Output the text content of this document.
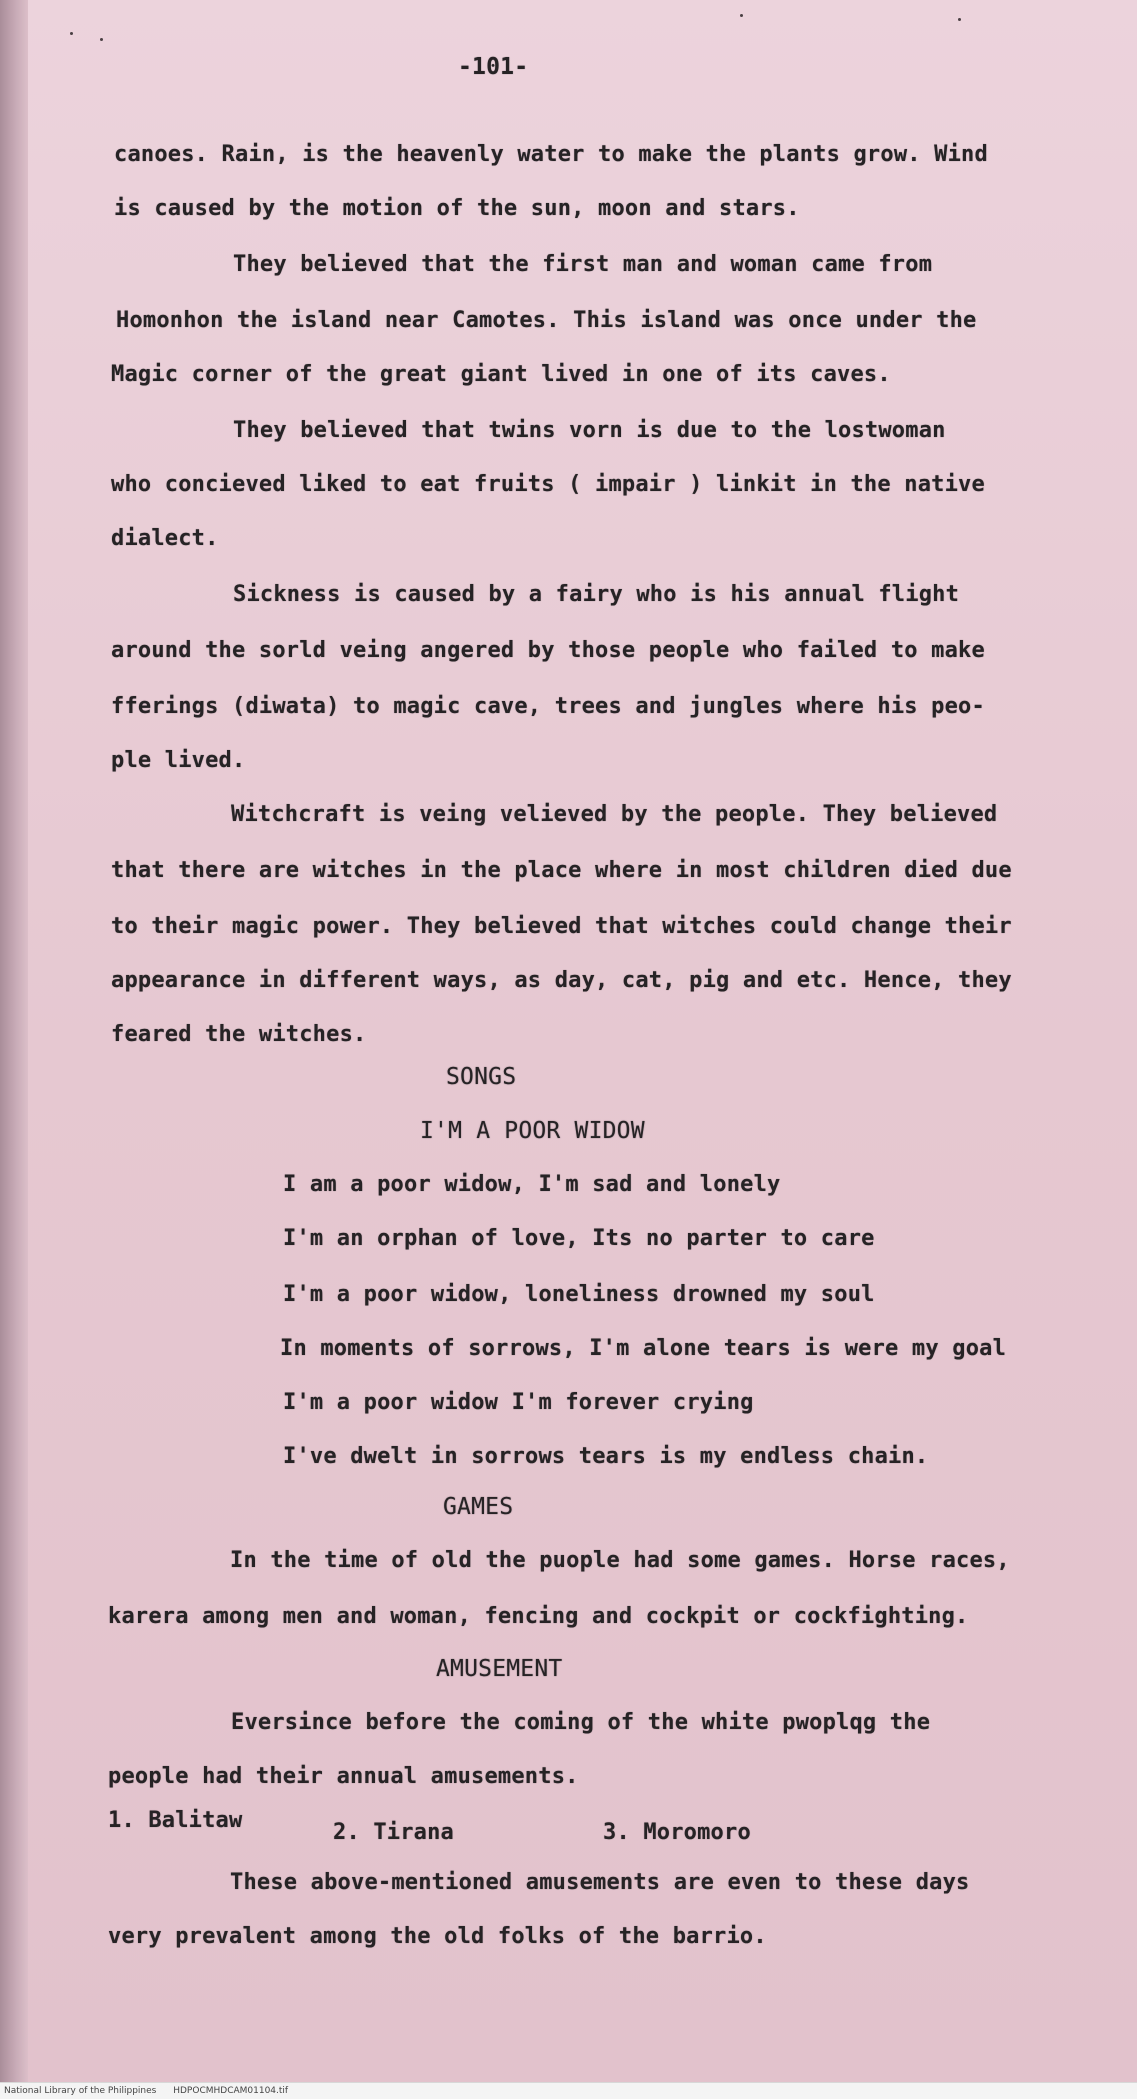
-101-
canoes. Rain, is the heavenly water to make the plants grow. Wind
is caused by the motion of the sun, moon and stars.
They believed that the first man and woman came from
Homonhon the island near Camotes. This island was once under the
Magic corner of the great giant lived in one of its caves.
They believed that twins vorn is due to the lostwoman
who concieved liked to eat fruits ( impair ) linkit in the native
dialect.
Sickness is caused by a fairy who is his annual flight
around the sorld veing angered by those people who failed to make
fferings (diwata) to magic cave, trees and jungles where his peo-
ple lived.
Witchcraft is veing velieved by the people. They believed
that there are witches in the place where in most children died due
to their magic power. They believed that witches could change their
appearance in different ways, as day, cat, pig and etc. Hence, they
feared the witches.
SONGS
I'M A POOR WIDOW
I am a poor widow, I'm sad and lonely
I'm an orphan of love, Its no parter to care
I'm a poor widow, loneliness drowned my soul
In moments of sorrows, I'm alone tears is were my goal
I'm a poor widow I'm forever crying
I've dwelt in sorrows tears is my endless chain.
GAMES
In the time of old the puople had some games. Horse races,
karera among men and woman, fencing and cockpit or cockfighting.
AMUSEMENT
Eversince before the coming of the white pwoplqg the
people had their annual amusements.
1. Balitaw	2. Tirana	3. Moromoro
These above-mentioned amusements are even to these days
very prevalent among the old folks of the barrio.
National Library of the Philippines HDPOCMHDCAM01104.tif
